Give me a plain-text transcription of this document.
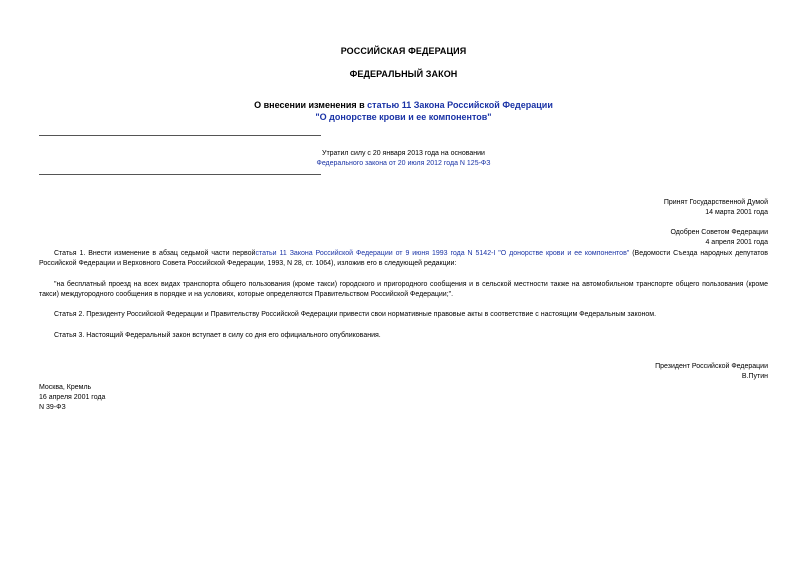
РОССИЙСКАЯ ФЕДЕРАЦИЯ
ФЕДЕРАЛЬНЫЙ ЗАКОН
О внесении изменения в статью 11 Закона Российской Федерации
"О донорстве крови и ее компонентов"
Утратил силу с 20 января 2013 года на основании
Федерального закона от 20 июля 2012 года N 125-ФЗ
Принят Государственной Думой
14 марта 2001 года
Одобрен Советом Федерации
4 апреля 2001 года
Статья 1. Внести изменение в абзац седьмой части первойстатьи 11 Закона Российской Федерации от 9 июня 1993 года N 5142-I "О донорстве крови и ее компонентов" (Ведомости Съезда народных депутатов Российской Федерации и Верховного Совета Российской Федерации, 1993, N 28, ст. 1064), изложив его в следующей редакции:
"на бесплатный проезд на всех видах транспорта общего пользования (кроме такси) городского и пригородного сообщения и в сельской местности также на автомобильном транспорте общего пользования (кроме такси) междугородного сообщения в порядке и на условиях, которые определяются Правительством Российской Федерации;".
Статья 2. Президенту Российской Федерации и Правительству Российской Федерации привести свои нормативные правовые акты в соответствие с настоящим Федеральным законом.
Статья 3. Настоящий Федеральный закон вступает в силу со дня его официального опубликования.
Президент Российской Федерации
В.Путин
Москва, Кремль
16 апреля 2001 года
N 39-ФЗ
